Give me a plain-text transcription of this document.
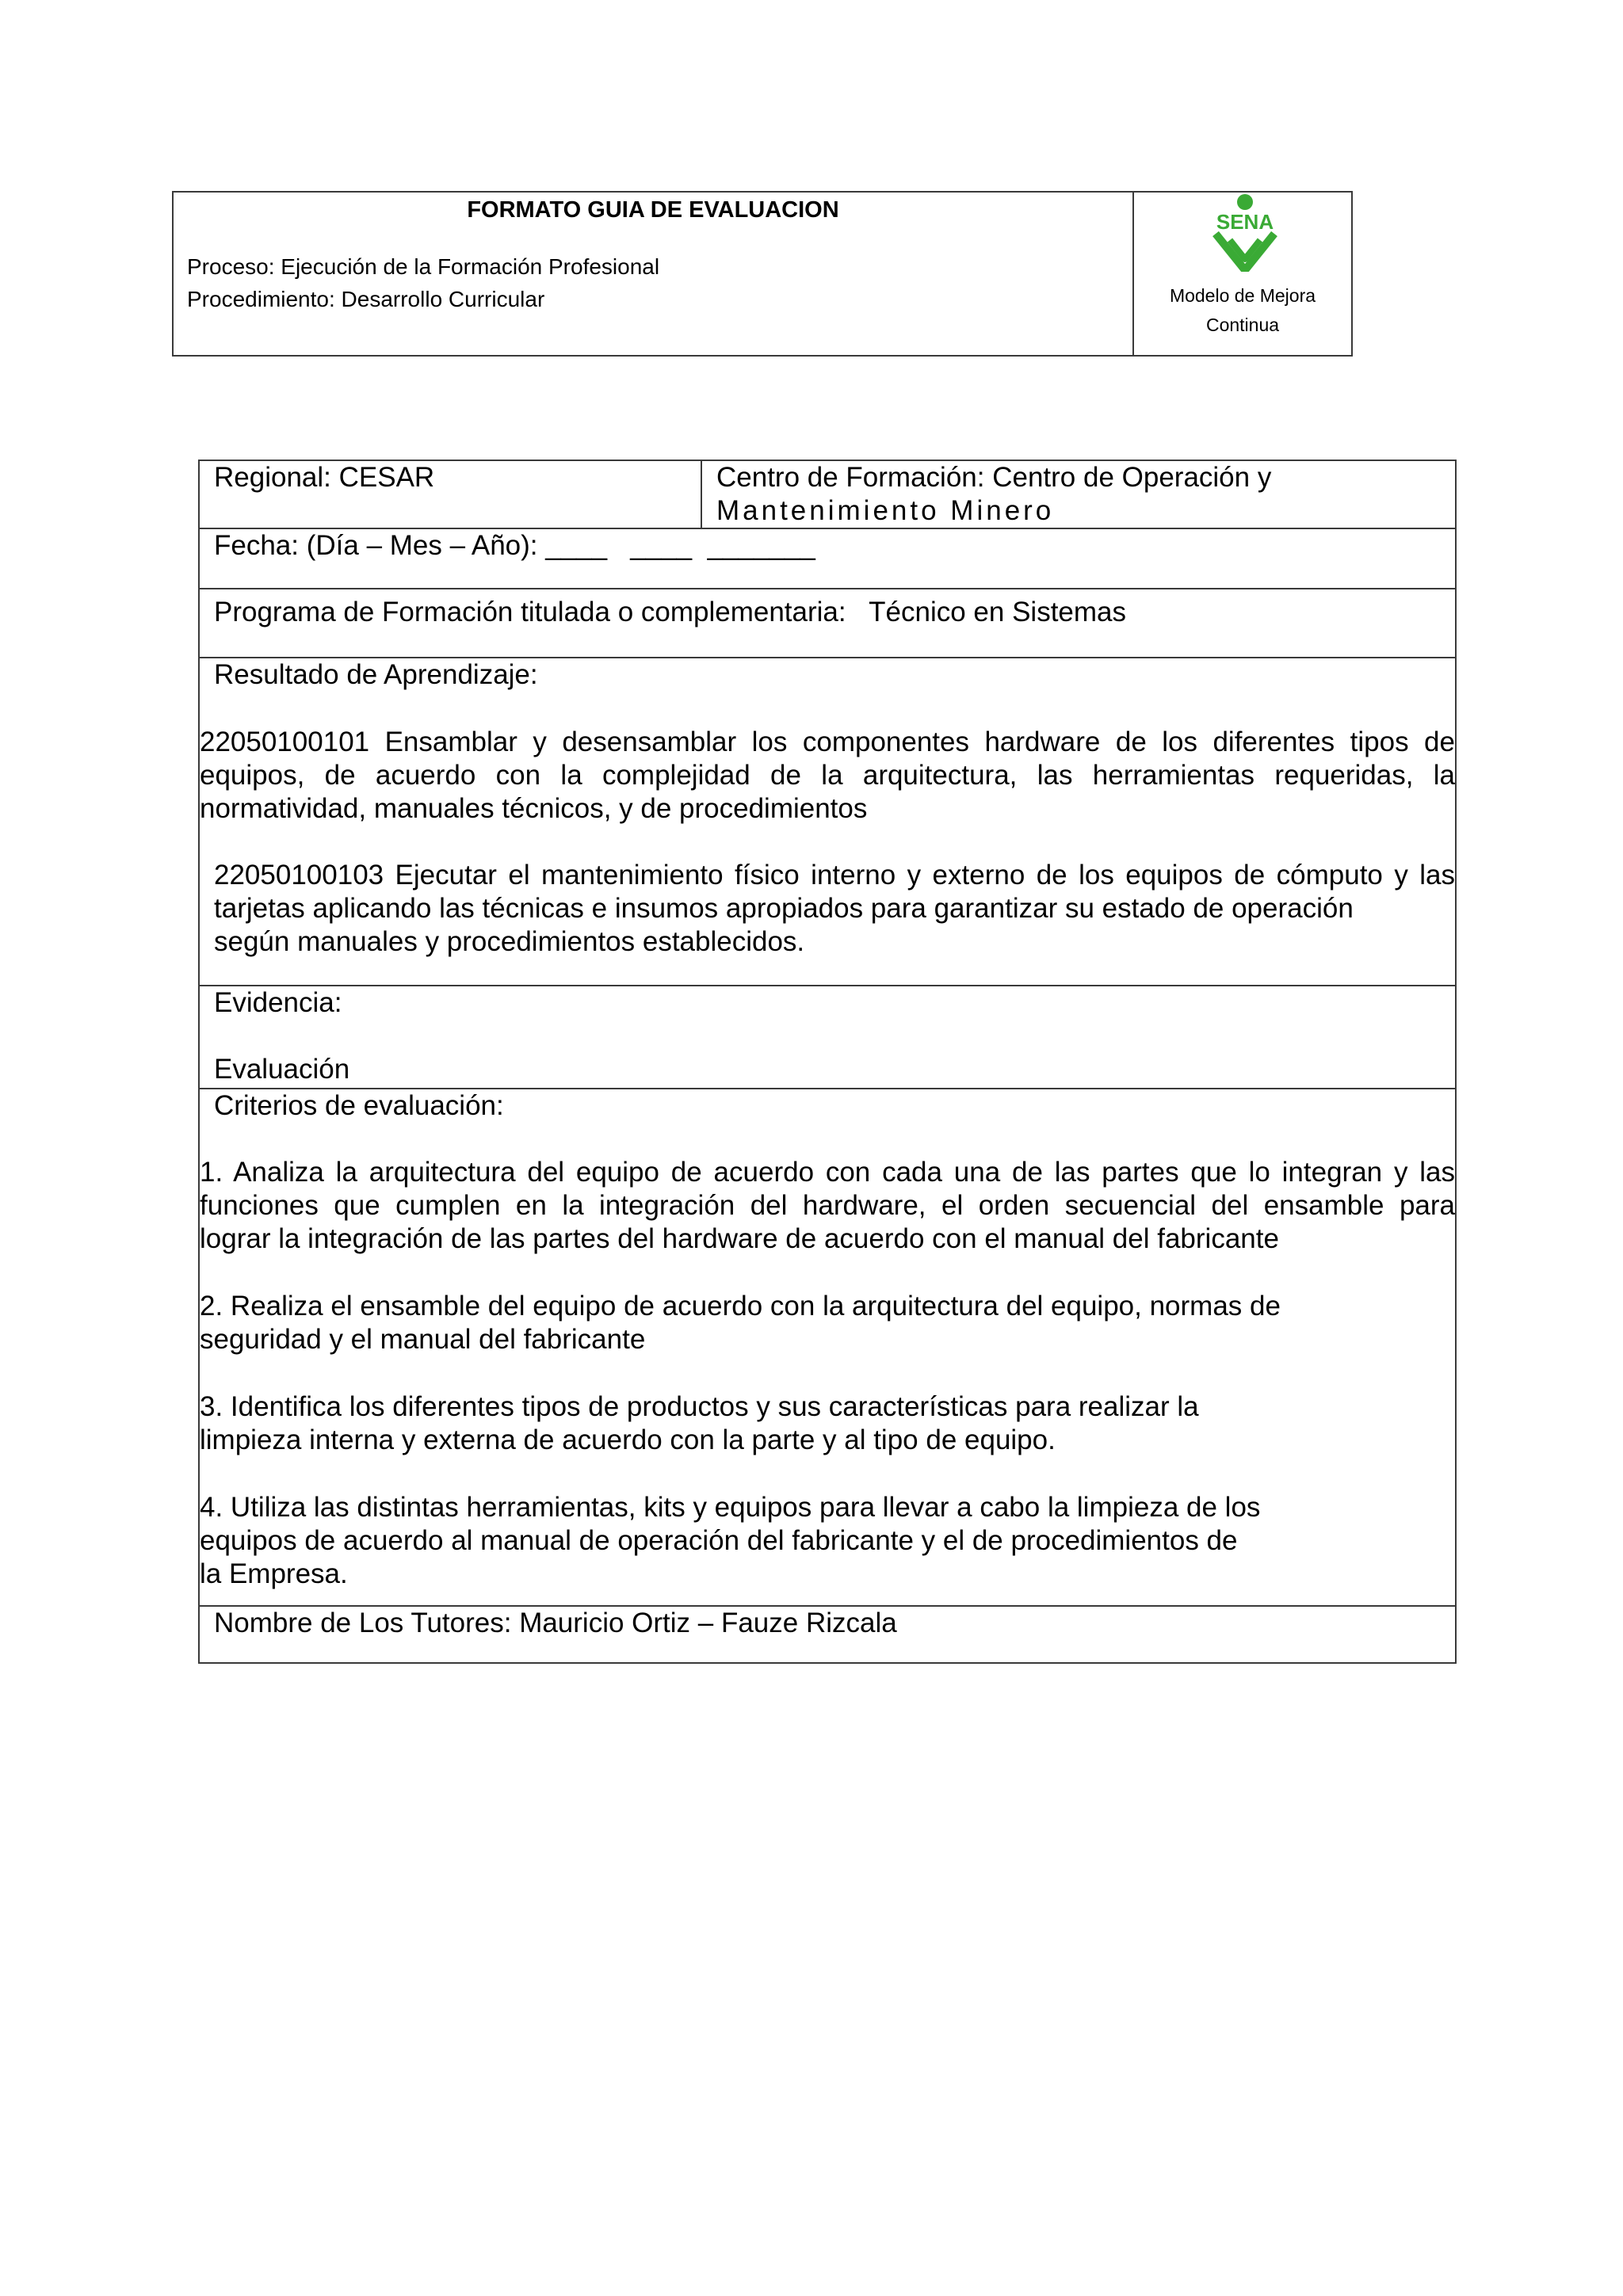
FORMATO GUIA DE EVALUACION
Proceso: Ejecución de la Formación Profesional
Procedimiento: Desarrollo Curricular
SENA
Modelo de Mejora
Continua
Regional: CESAR	Centro de Formación: Centro de Operación y
Mantenimiento Minero
Fecha: (Día – Mes – Año): ____   ____  _______
Programa de Formación titulada o complementaria:   Técnico en Sistemas
Resultado de Aprendizaje:
22050100101 Ensamblar y desensamblar los componentes hardware de los diferentes tipos de
equipos, de acuerdo con la complejidad de la arquitectura, las herramientas requeridas, la
normatividad, manuales técnicos, y de procedimientos
22050100103 Ejecutar el mantenimiento físico interno y externo de los equipos de cómputo y las
tarjetas aplicando las técnicas e insumos apropiados para garantizar su estado de operación
según manuales y procedimientos establecidos.
Evidencia:
Evaluación
Criterios de evaluación:
1. Analiza la arquitectura del equipo de acuerdo con cada una de las partes que lo integran y las
funciones que cumplen en la integración del hardware, el orden secuencial del ensamble para
lograr la integración de las partes del hardware de acuerdo con el manual del fabricante
2. Realiza el ensamble del equipo de acuerdo con la arquitectura del equipo, normas de
seguridad y el manual del fabricante
3. Identifica los diferentes tipos de productos y sus características para realizar la
limpieza interna y externa de acuerdo con la parte y al tipo de equipo.
4. Utiliza las distintas herramientas, kits y equipos para llevar a cabo la limpieza de los
equipos de acuerdo al manual de operación del fabricante y el de procedimientos de
la Empresa.
Nombre de Los Tutores: Mauricio Ortiz – Fauze Rizcala
